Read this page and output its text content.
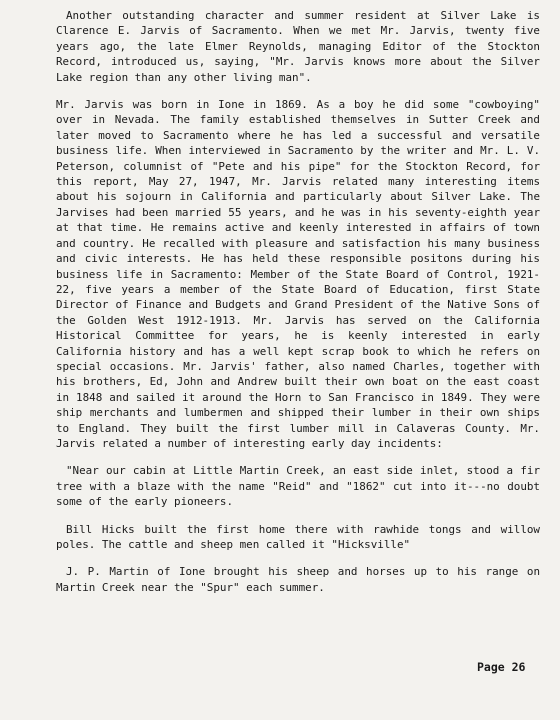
Another outstanding character and summer resident at Silver Lake is Clarence E. Jarvis of Sacramento. When we met Mr. Jarvis, twenty five years ago, the late Elmer Reynolds, managing Editor of the Stockton Record, introduced us, saying, "Mr. Jarvis knows more about the Silver Lake region than any other living man".

Mr. Jarvis was born in Ione in 1869. As a boy he did some "cowboying" over in Nevada. The family established themselves in Sutter Creek and later moved to Sacramento where he has led a successful and versatile business life. When interviewed in Sacramento by the writer and Mr. L. V. Peterson, columnist of "Pete and his pipe" for the Stockton Record, for this report, May 27, 1947, Mr. Jarvis related many interesting items about his sojourn in California and particularly about Silver Lake. The Jarvises had been married 55 years, and he was in his seventy-eighth year at that time. He remains active and keenly interested in affairs of town and country. He recalled with pleasure and satisfaction his many business and civic interests. He has held these responsible positons during his business life in Sacramento: Member of the State Board of Control, 1921-22, five years a member of the State Board of Education, first State Director of Finance and Budgets and Grand President of the Native Sons of the Golden West 1912-1913. Mr. Jarvis has served on the California Historical Committee for years, he is keenly interested in early California history and has a well kept scrap book to which he refers on special occasions. Mr. Jarvis' father, also named Charles, together with his brothers, Ed, John and Andrew built their own boat on the east coast in 1848 and sailed it around the Horn to San Francisco in 1849. They were ship merchants and lumbermen and shipped their lumber in their own ships to England. They built the first lumber mill in Calaveras County. Mr. Jarvis related a number of interesting early day incidents:

"Near our cabin at Little Martin Creek, an east side inlet, stood a fir tree with a blaze with the name "Reid" and "1862" cut into it---no doubt some of the early pioneers.

Bill Hicks built the first home there with rawhide tongs and willow poles. The cattle and sheep men called it "Hicksville"

J. P. Martin of Ione brought his sheep and horses up to his range on Martin Creek near the "Spur" each summer.

Page 26
